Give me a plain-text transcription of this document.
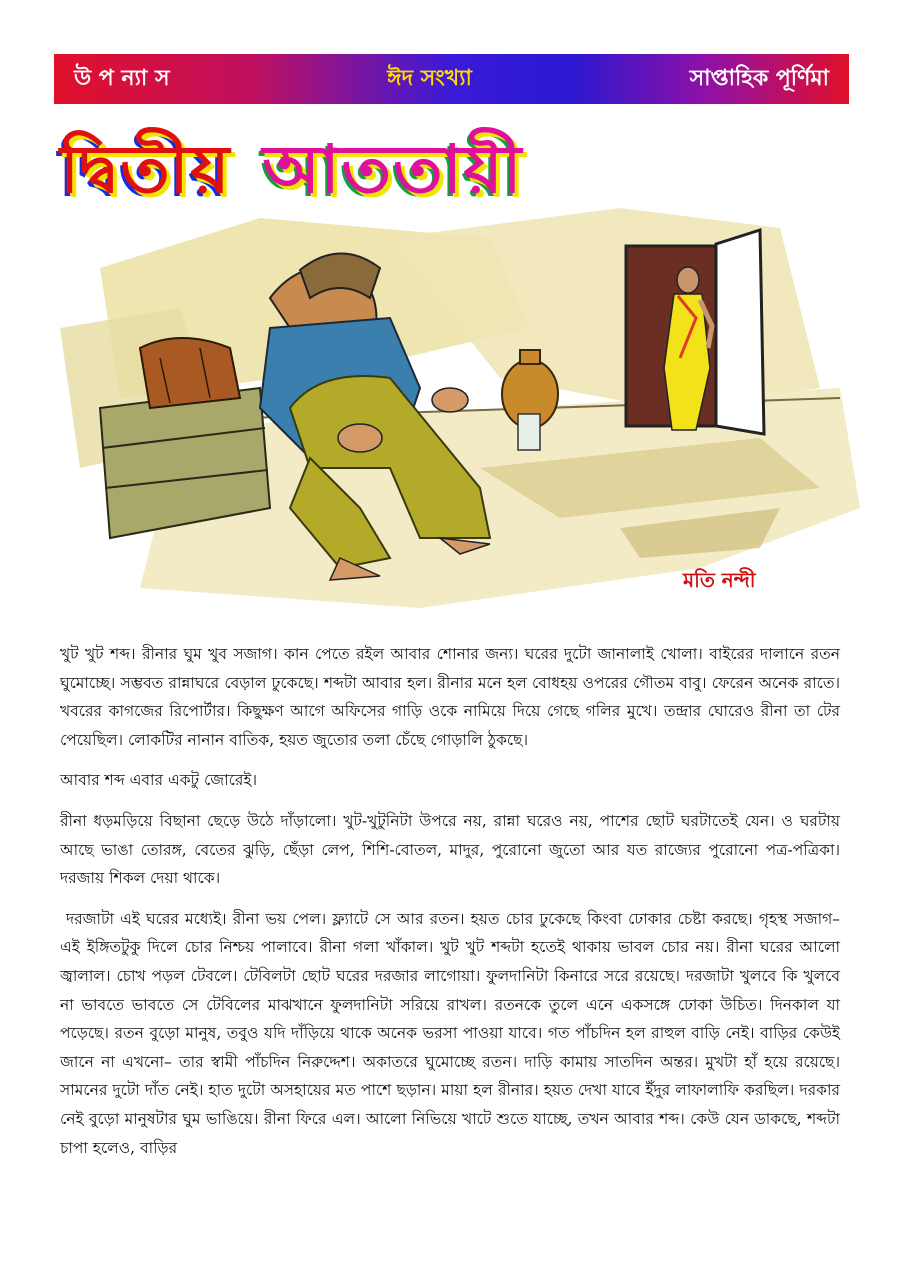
উ প ন্যা স	ঈদ সংখ্যা	সাপ্তাহিক পূর্ণিমা
দ্বিতীয় আততায়ী
মতি নন্দী

খুট খুট শব্দ। রীনার ঘুম খুব সজাগ। কান পেতে রইল আবার শোনার জন্য। ঘরের দুটো জানালাই খোলা। বাইরের দালানে রতন ঘুমোচ্ছে। সম্ভবত রান্নাঘরে বেড়াল ঢুকেছে। শব্দটা আবার হল। রীনার মনে হল বোধহয় ওপরের গৌতম বাবু। ফেরেন অনেক রাতে। খবরের কাগজের রিপোর্টার। কিছুক্ষণ আগে অফিসের গাড়ি ওকে নামিয়ে দিয়ে গেছে গলির মুখে। তন্দ্রার ঘোরেও রীনা তা টের পেয়েছিল। লোকটির নানান বাতিক, হয়ত জুতোর তলা চেঁছে গোড়ালি ঠুকছে।

আবার শব্দ এবার একটু জোরেই।

রীনা ধড়মড়িয়ে বিছানা ছেড়ে উঠে দাঁড়ালো। খুট-খুটুনিটা উপরে নয়, রান্না ঘরেও নয়, পাশের ছোট ঘরটাতেই যেন। ও ঘরটায় আছে ভাঙা তোরঙ্গ, বেতের ঝুড়ি, ছেঁড়া লেপ, শিশি-বোতল, মাদুর, পুরোনো জুতো আর যত রাজ্যের পুরোনো পত্র-পত্রিকা। দরজায় শিকল দেয়া থাকে।

দরজাটা এই ঘরের মধ্যেই। রীনা ভয় পেল। ফ্ল্যাটে সে আর রতন। হয়ত চোর ঢুকেছে কিংবা ঢোকার চেষ্টা করছে। গৃহস্থ সজাগ– এই ইঙ্গিতটুকু দিলে চোর নিশ্চয় পালাবে। রীনা গলা খাঁকাল। খুট খুট শব্দটা হতেই থাকায় ভাবল চোর নয়। রীনা ঘরের আলো জ্বালাল। চোখ পড়ল টেবলে। টেবিলটা ছোট ঘরের দরজার লাগোয়া। ফুলদানিটা কিনারে সরে রয়েছে। দরজাটা খুলবে কি খুলবে না ভাবতে ভাবতে সে টেবিলের মাঝখানে ফুলদানিটা সরিয়ে রাখল। রতনকে তুলে এনে একসঙ্গে ঢোকা উচিত। দিনকাল যা পড়েছে। রতন বুড়ো মানুষ, তবুও যদি দাঁড়িয়ে থাকে অনেক ভরসা পাওয়া যাবে। গত পাঁচদিন হল রাহুল বাড়ি নেই। বাড়ির কেউই জানে না এখনো– তার স্বামী পাঁচদিন নিরুদ্দেশ। অকাতরে ঘুমোচ্ছে রতন। দাড়ি কামায় সাতদিন অন্তর। মুখটা হাঁ হয়ে রয়েছে। সামনের দুটো দাঁত নেই। হাত দুটো অসহায়ের মত পাশে ছড়ান। মায়া হল রীনার। হয়ত দেখা যাবে ইঁদুর লাফালাফি করছিল। দরকার নেই বুড়ো মানুষটার ঘুম ভাঙিয়ে। রীনা ফিরে এল। আলো নিভিয়ে খাটে শুতে যাচ্ছে, তখন আবার শব্দ। কেউ যেন ডাকছে, শব্দটা চাপা হলেও, বাড়ির
